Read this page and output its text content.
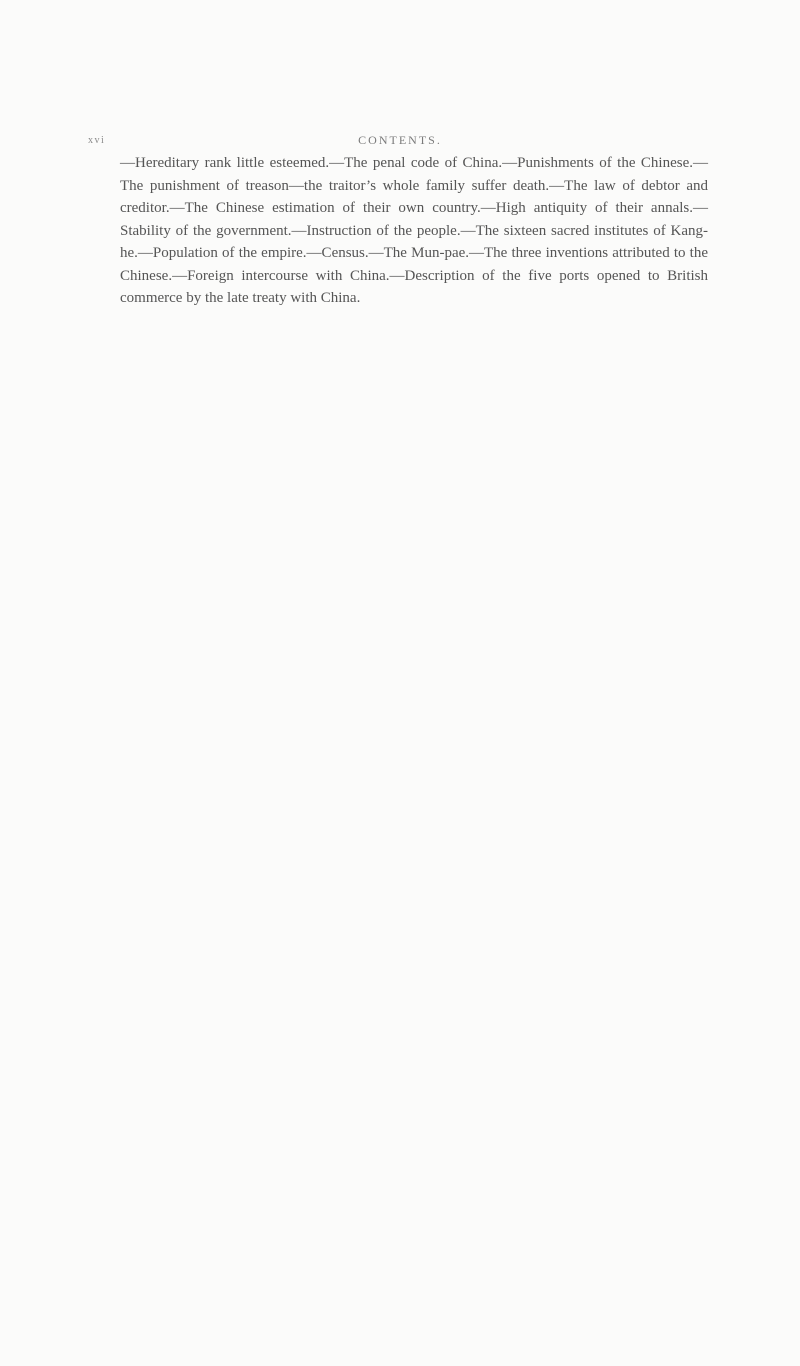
xvi	CONTENTS.

—Hereditary rank little esteemed.—The penal code of China.—Punishments of the Chinese.—The punishment of treason—the traitor’s whole family suffer death.—The law of debtor and creditor.—The Chinese estimation of their own country.—High antiquity of their annals.—Stability of the government.—Instruction of the people.—The sixteen sacred institutes of Kang-he.—Population of the empire.—Census.—The Mun-pae.—The three inventions attributed to the Chinese.—Foreign intercourse with China.—Description of the five ports opened to British commerce by the late treaty with China.
